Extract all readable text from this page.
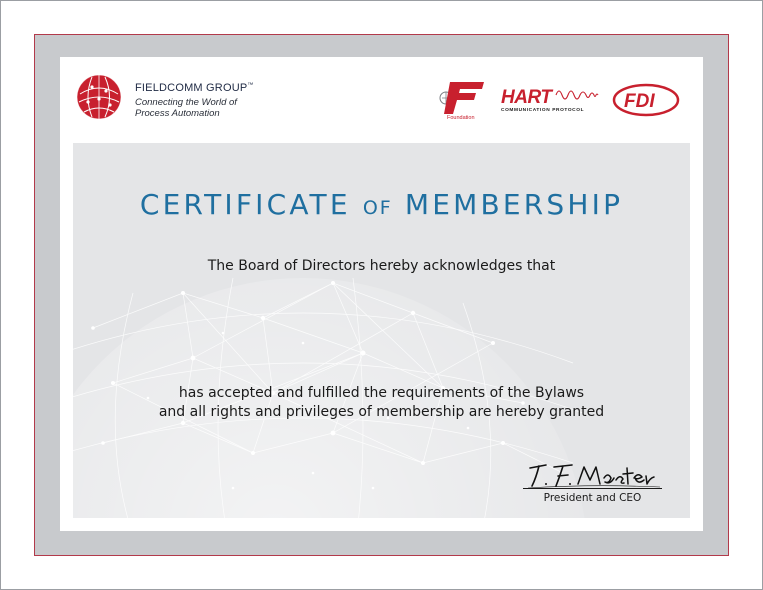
FIELDCOMM GROUP™
Connecting the World of
Process Automation
HART	FDI
Foundation
COMMUNICATION PROTOCOL
CERTIFICATE OF MEMBERSHIP
The Board of Directors hereby acknowledges that
has accepted and fulfilled the requirements of the Bylaws
and all rights and privileges of membership are hereby granted
President and CEO
